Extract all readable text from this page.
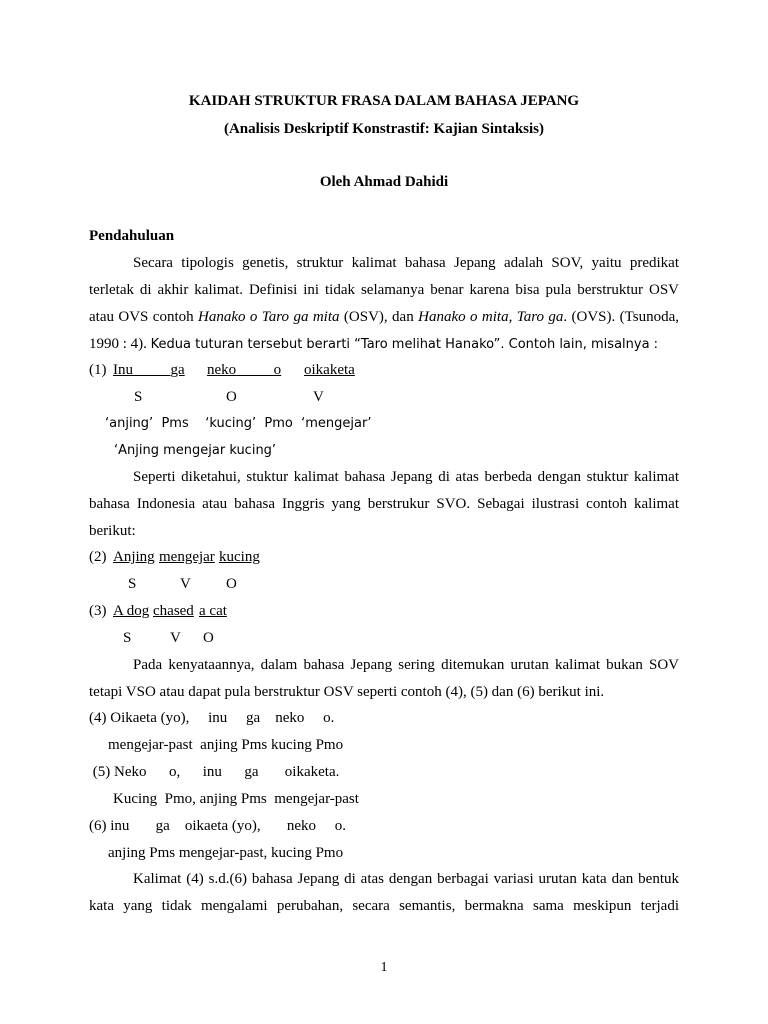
KAIDAH STRUKTUR FRASA DALAM BAHASA JEPANG
(Analisis Deskriptif Konstrastif: Kajian Sintaksis)
Oleh Ahmad Dahidi
Pendahuluan
Secara tipologis genetis, struktur kalimat bahasa Jepang adalah SOV, yaitu predikat
terletak di akhir kalimat. Definisi ini tidak selamanya benar karena bisa pula berstruktur OSV
atau OVS contoh Hanako o Taro ga mita (OSV), dan Hanako o mita, Taro ga. (OVS). (Tsunoda,
1990 : 4). Kedua tuturan tersebut berarti “Taro melihat Hanako”. Contoh lain, misalnya :
(1) Inu	ga neko	o oikaketa
S	O	V
‘anjing’  Pms    ‘kucing’  Pmo  ‘mengejar’
‘Anjing mengejar kucing’
Seperti diketahui, stuktur kalimat bahasa Jepang di atas berbeda dengan stuktur kalimat
bahasa Indonesia atau bahasa Inggris yang berstrukur SVO. Sebagai ilustrasi contoh kalimat
berikut:
(2) Anjing mengejar kucing
S	V O
(3) A dog chased a cat
S	V O
Pada kenyataannya, dalam bahasa Jepang sering ditemukan urutan kalimat bukan SOV
tetapi VSO atau dapat pula berstruktur OSV seperti contoh (4), (5) dan (6) berikut ini.
(4) Oikaeta (yo),     inu     ga    neko     o.
mengejar-past  anjing Pms kucing Pmo
(5) Neko      o,      inu      ga       oikaketa.
Kucing  Pmo, anjing Pms  mengejar-past
(6) inu       ga    oikaeta (yo),       neko     o.
anjing Pms mengejar-past, kucing Pmo
Kalimat (4) s.d.(6) bahasa Jepang di atas dengan berbagai variasi urutan kata dan bentuk
kata yang tidak mengalami perubahan, secara semantis, bermakna sama meskipun terjadi
1
